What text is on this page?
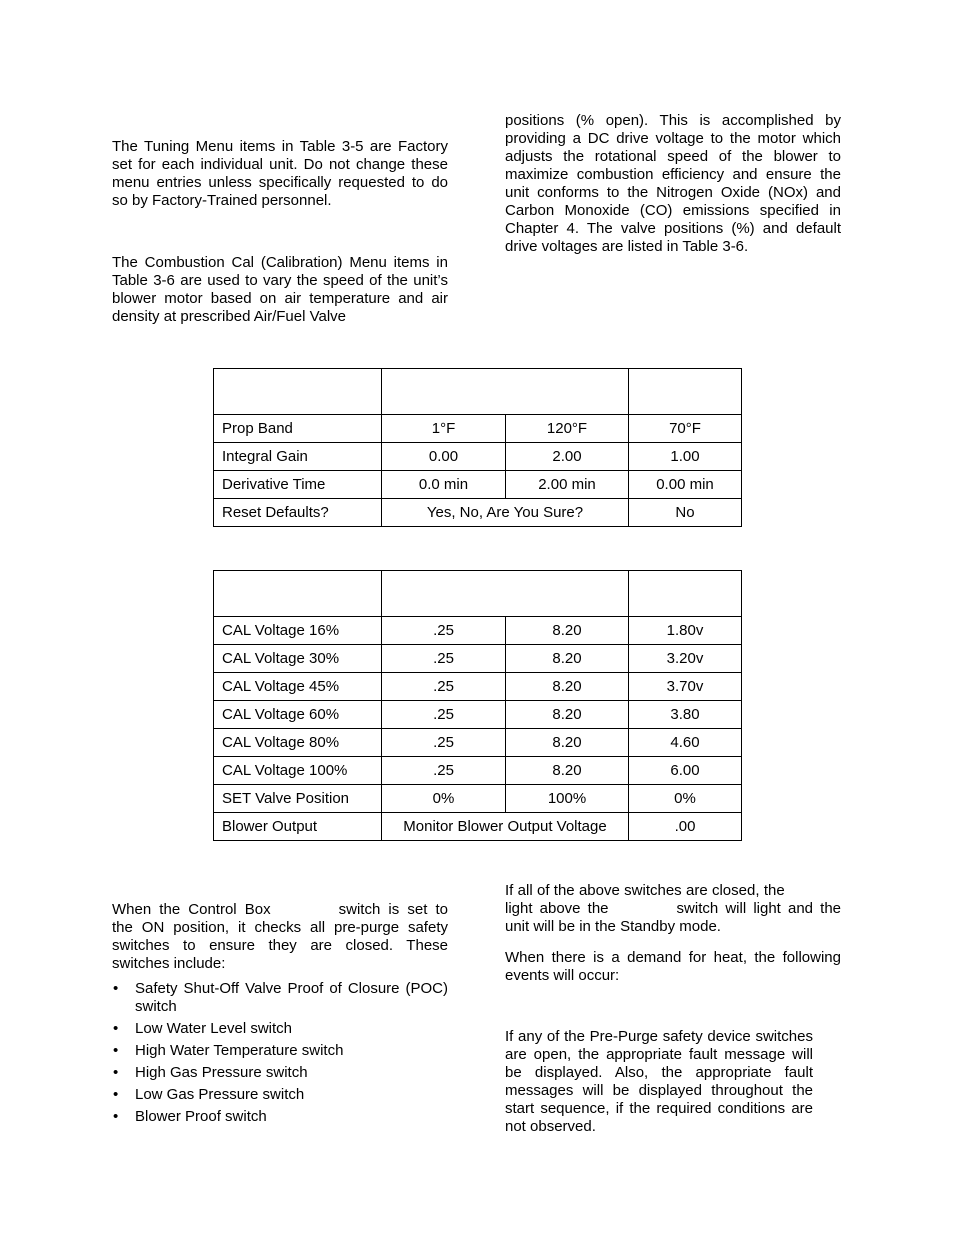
The Tuning Menu items in Table 3-5 are Factory set for each individual unit. Do not change these menu entries unless specifically requested to do so by Factory-Trained personnel.

The Combustion Cal (Calibration) Menu items in Table 3-6 are used to vary the speed of the unit’s blower motor based on air temperature and air density at prescribed Air/Fuel Valve

positions (% open). This is accomplished by providing a DC drive voltage to the motor which adjusts the rotational speed of the blower to maximize combustion efficiency and ensure the unit conforms to the Nitrogen Oxide (NOx) and Carbon Monoxide (CO) emissions specified in Chapter 4. The valve positions (%) and default drive voltages are listed in Table 3-6.

Prop Band	1°F	120°F	70°F
Integral Gain	0.00	2.00	1.00
Derivative Time	0.0 min	2.00 min	0.00 min
Reset Defaults?	Yes, No, Are You Sure?		No

CAL Voltage 16%	.25	8.20	1.80v
CAL Voltage 30%	.25	8.20	3.20v
CAL Voltage 45%	.25	8.20	3.70v
CAL Voltage 60%	.25	8.20	3.80
CAL Voltage 80%	.25	8.20	4.60
CAL Voltage 100%	.25	8.20	6.00
SET Valve Position	0%	100%	0%
Blower Output	Monitor Blower Output Voltage		.00

When the Control Box	switch is set to the ON position, it checks all pre-purge safety switches to ensure they are closed. These switches include:

• Safety Shut-Off Valve Proof of Closure (POC) switch
• Low Water Level switch
• High Water Temperature switch
• High Gas Pressure switch
• Low Gas Pressure switch
• Blower Proof switch

If all of the above switches are closed, the light above the	switch will light and the unit will be in the Standby mode.

When there is a demand for heat, the following events will occur:

If any of the Pre-Purge safety device switches are open, the appropriate fault message will be displayed. Also, the appropriate fault messages will be displayed throughout the start sequence, if the required conditions are not observed.
